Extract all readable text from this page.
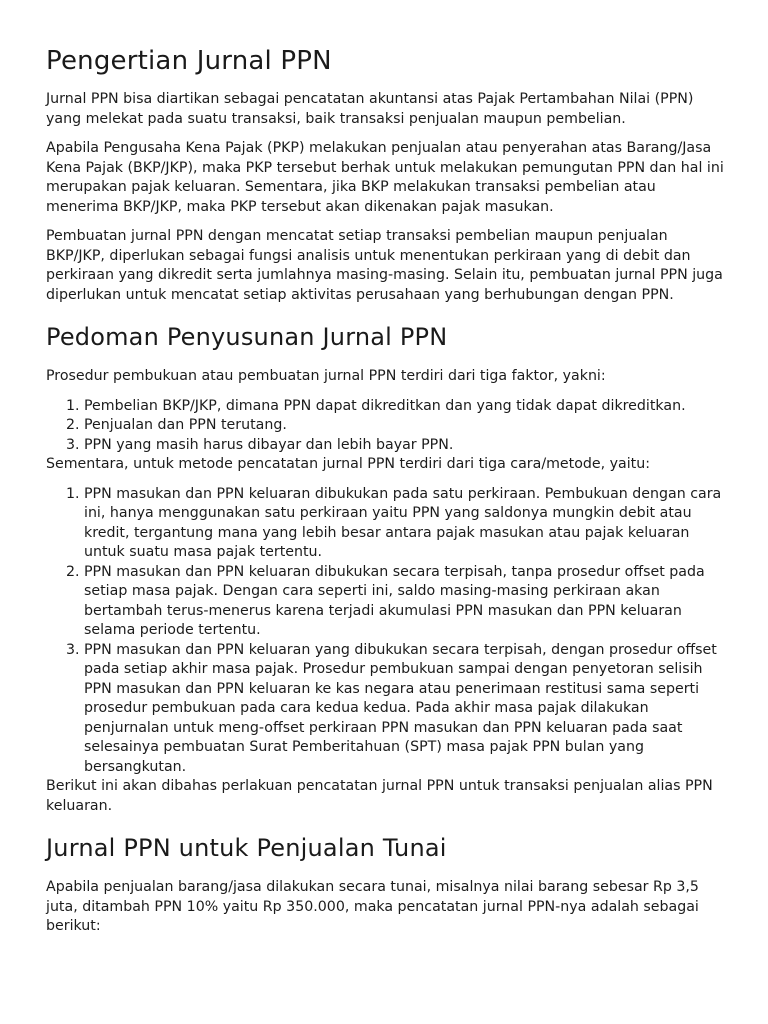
Pengertian Jurnal PPN

Jurnal PPN bisa diartikan sebagai pencatatan akuntansi atas Pajak Pertambahan Nilai (PPN) yang melekat pada suatu transaksi, baik transaksi penjualan maupun pembelian.

Apabila Pengusaha Kena Pajak (PKP) melakukan penjualan atau penyerahan atas Barang/Jasa Kena Pajak (BKP/JKP), maka PKP tersebut berhak untuk melakukan pemungutan PPN dan hal ini merupakan pajak keluaran. Sementara, jika BKP melakukan transaksi pembelian atau menerima BKP/JKP, maka PKP tersebut akan dikenakan pajak masukan.

Pembuatan jurnal PPN dengan mencatat setiap transaksi pembelian maupun penjualan BKP/JKP, diperlukan sebagai fungsi analisis untuk menentukan perkiraan yang di debit dan perkiraan yang dikredit serta jumlahnya masing-masing. Selain itu, pembuatan jurnal PPN juga diperlukan untuk mencatat setiap aktivitas perusahaan yang berhubungan dengan PPN.

Pedoman Penyusunan Jurnal PPN

Prosedur pembukuan atau pembuatan jurnal PPN terdiri dari tiga faktor, yakni:

1. Pembelian BKP/JKP, dimana PPN dapat dikreditkan dan yang tidak dapat dikreditkan.
2. Penjualan dan PPN terutang.
3. PPN yang masih harus dibayar dan lebih bayar PPN.

Sementara, untuk metode pencatatan jurnal PPN terdiri dari tiga cara/metode, yaitu:

1. PPN masukan dan PPN keluaran dibukukan pada satu perkiraan. Pembukuan dengan cara ini, hanya menggunakan satu perkiraan yaitu PPN yang saldonya mungkin debit atau kredit, tergantung mana yang lebih besar antara pajak masukan atau pajak keluaran untuk suatu masa pajak tertentu.
2. PPN masukan dan PPN keluaran dibukukan secara terpisah, tanpa prosedur offset pada setiap masa pajak. Dengan cara seperti ini, saldo masing-masing perkiraan akan bertambah terus-menerus karena terjadi akumulasi PPN masukan dan PPN keluaran selama periode tertentu.
3. PPN masukan dan PPN keluaran yang dibukukan secara terpisah, dengan prosedur offset pada setiap akhir masa pajak. Prosedur pembukuan sampai dengan penyetoran selisih PPN masukan dan PPN keluaran ke kas negara atau penerimaan restitusi sama seperti prosedur pembukuan pada cara kedua kedua. Pada akhir masa pajak dilakukan penjurnalan untuk meng-offset perkiraan PPN masukan dan PPN keluaran pada saat selesainya pembuatan Surat Pemberitahuan (SPT) masa pajak PPN bulan yang bersangkutan.

Berikut ini akan dibahas perlakuan pencatatan jurnal PPN untuk transaksi penjualan alias PPN keluaran.

Jurnal PPN untuk Penjualan Tunai

Apabila penjualan barang/jasa dilakukan secara tunai, misalnya nilai barang sebesar Rp 3,5 juta, ditambah PPN 10% yaitu Rp 350.000, maka pencatatan jurnal PPN-nya adalah sebagai berikut:
